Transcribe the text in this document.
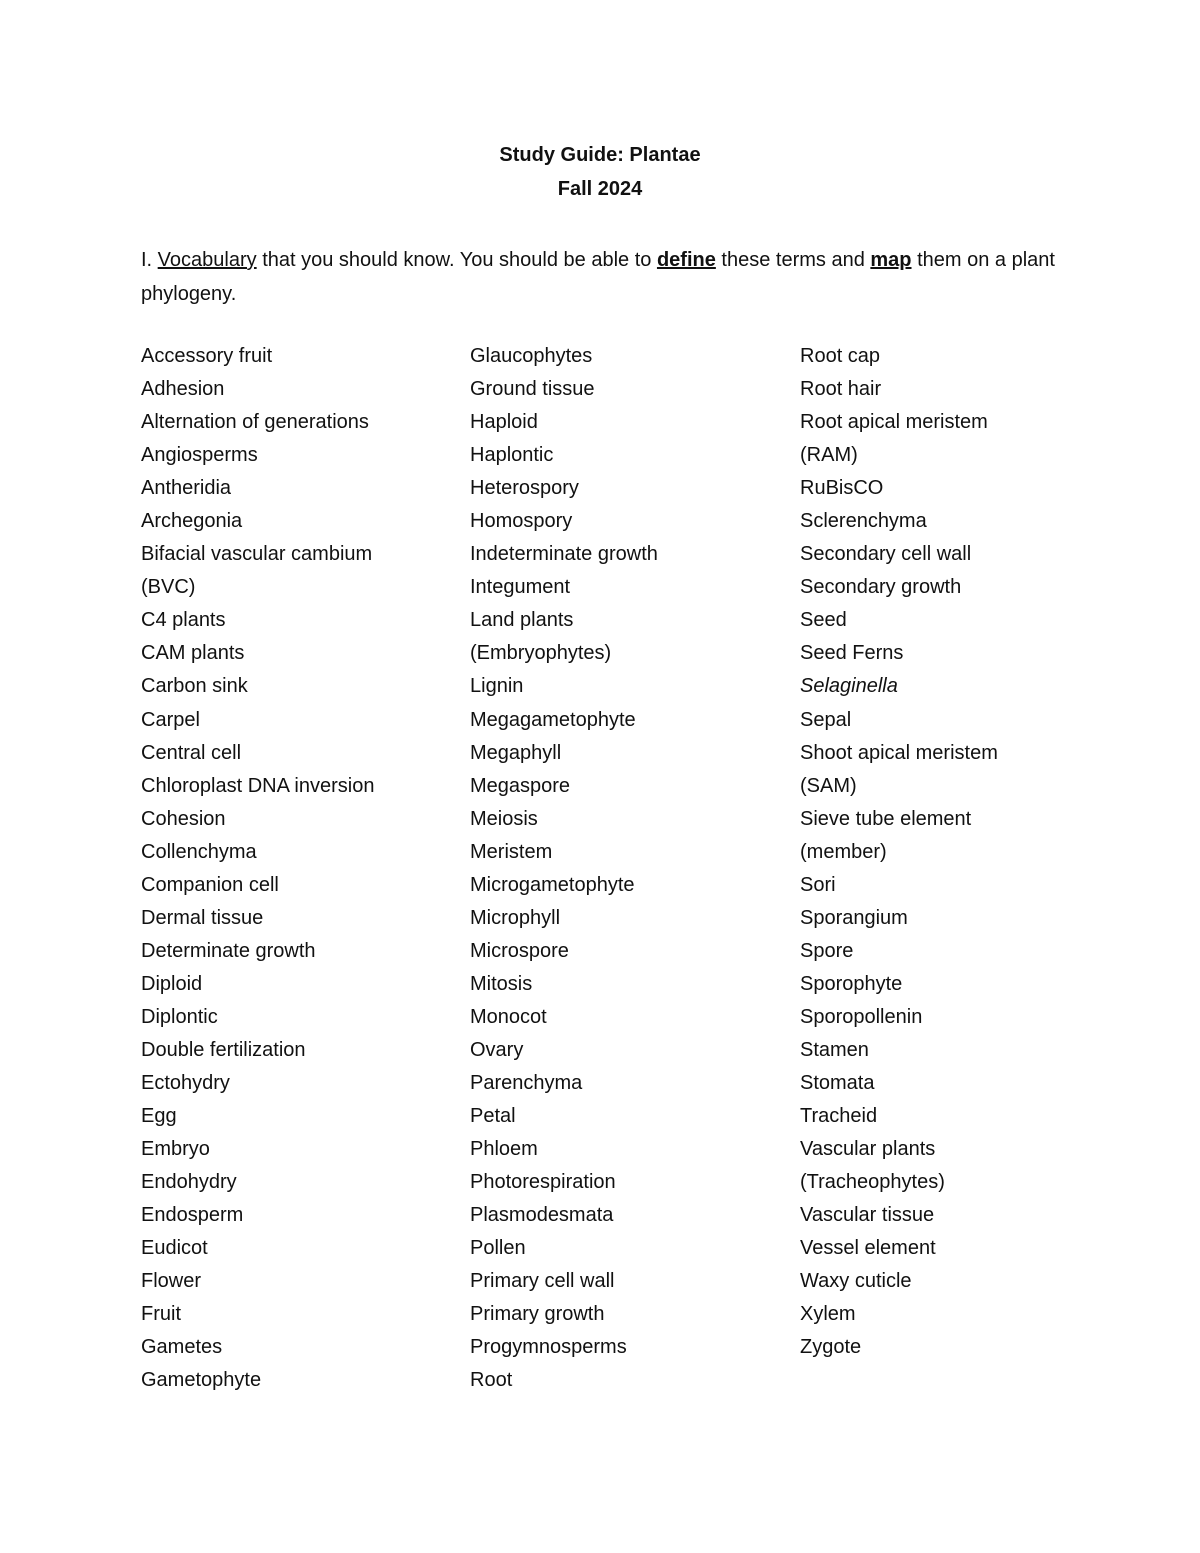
Study Guide: Plantae
Fall 2024
I. Vocabulary that you should know. You should be able to define these terms and map them on a plant phylogeny.
Accessory fruit
Adhesion
Alternation of generations
Angiosperms
Antheridia
Archegonia
Bifacial vascular cambium
(BVC)
C4 plants
CAM plants
Carbon sink
Carpel
Central cell
Chloroplast DNA inversion
Cohesion
Collenchyma
Companion cell
Dermal tissue
Determinate growth
Diploid
Diplontic
Double fertilization
Ectohydry
Egg
Embryo
Endohydry
Endosperm
Eudicot
Flower
Fruit
Gametes
Gametophyte
Glaucophytes
Ground tissue
Haploid
Haplontic
Heterospory
Homospory
Indeterminate growth
Integument
Land plants
(Embryophytes)
Lignin
Megagametophyte
Megaphyll
Megaspore
Meiosis
Meristem
Microgametophyte
Microphyll
Microspore
Mitosis
Monocot
Ovary
Parenchyma
Petal
Phloem
Photorespiration
Plasmodesmata
Pollen
Primary cell wall
Primary growth
Progymnosperms
Root
Root cap
Root hair
Root apical meristem
(RAM)
RuBisCO
Sclerenchyma
Secondary cell wall
Secondary growth
Seed
Seed Ferns
Selaginella
Sepal
Shoot apical meristem
(SAM)
Sieve tube element
(member)
Sori
Sporangium
Spore
Sporophyte
Sporopollenin
Stamen
Stomata
Tracheid
Vascular plants
(Tracheophytes)
Vascular tissue
Vessel element
Waxy cuticle
Xylem
Zygote
